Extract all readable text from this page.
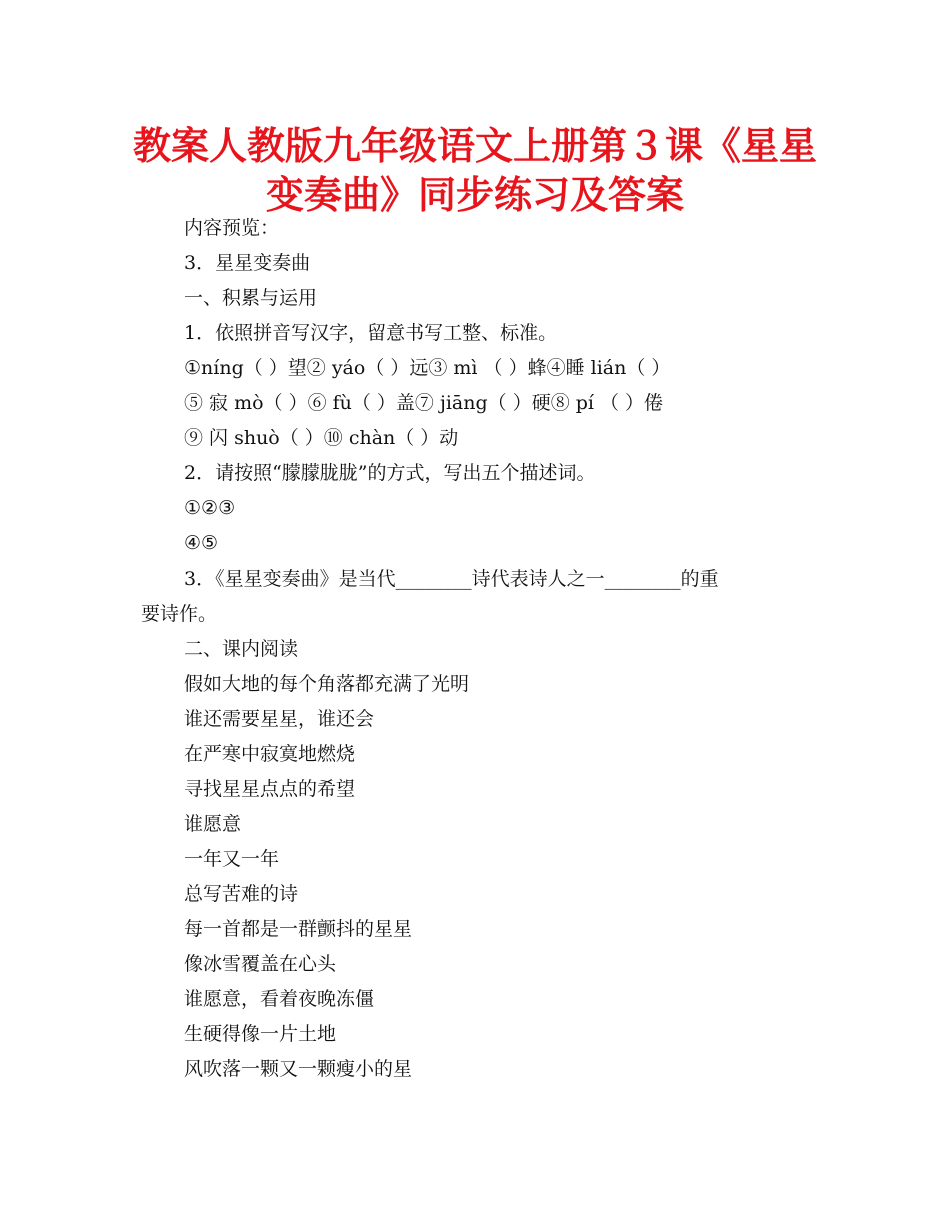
教案人教版九年级语文上册第３课《星星
变奏曲》同步练习及答案
内容预览：
3．星星变奏曲
一、积累与运用
1．依照拼音写汉字，留意书写工整、标准。
①níng（ ）望② yáo（ ）远③ mì （ ）蜂④睡 lián（ ）
⑤ 寂 mò（ ）⑥ fù（ ）盖⑦ jiāng（ ）硬⑧ pí （ ）倦
⑨ 闪 shuò（ ）⑩ chàn（ ）动
2．请按照“朦朦胧胧”的方式，写出五个描述词。
①②③
④⑤
3．《星星变奏曲》是当代________诗代表诗人之一________的重
要诗作。
二、课内阅读
假如大地的每个角落都充满了光明
谁还需要星星，谁还会
在严寒中寂寞地燃烧
寻找星星点点的希望
谁愿意
一年又一年
总写苦难的诗
每一首都是一群颤抖的星星
像冰雪覆盖在心头
谁愿意，看着夜晚冻僵
生硬得像一片土地
风吹落一颗又一颗瘦小的星
